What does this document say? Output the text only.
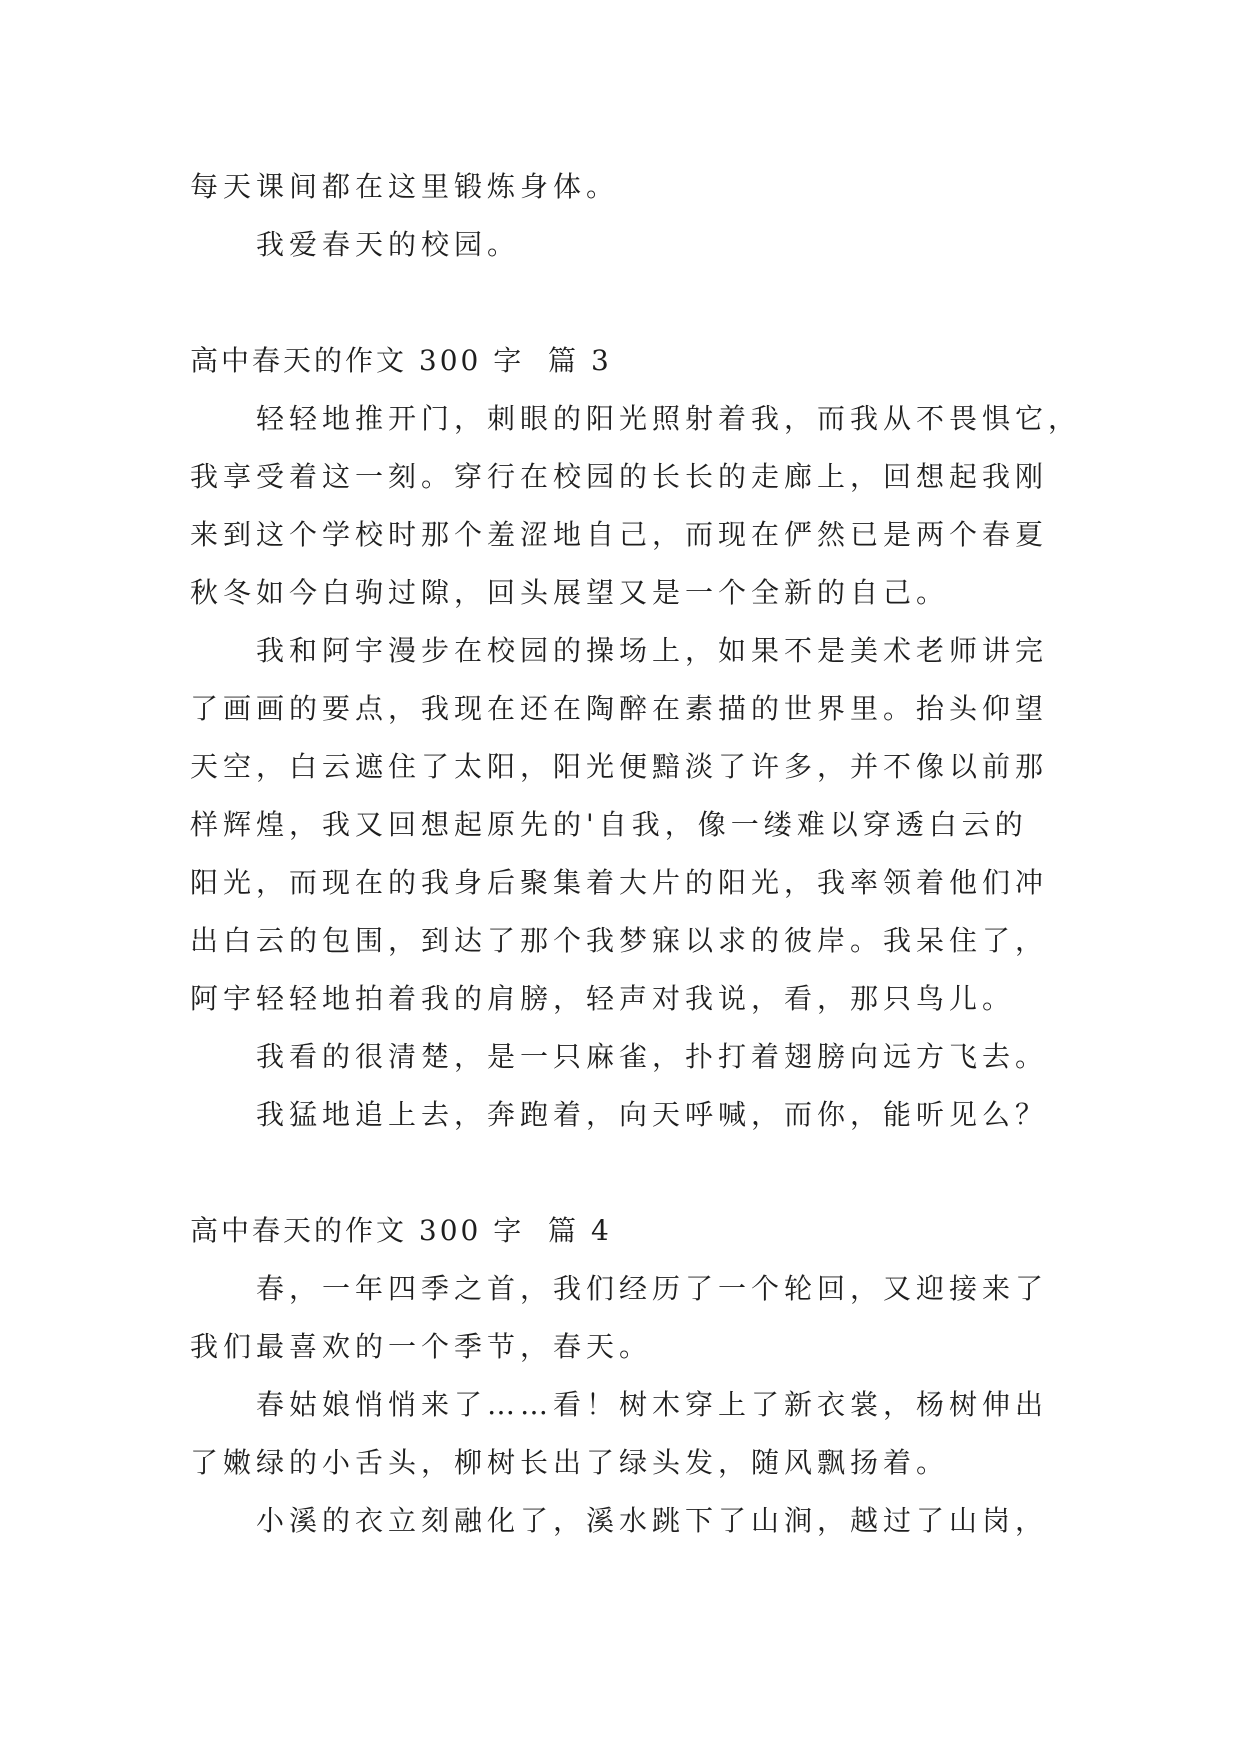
每天课间都在这里锻炼身体。
我爱春天的校园。
高中春天的作文 300 字  篇 3
轻轻地推开门，刺眼的阳光照射着我，而我从不畏惧它，
我享受着这一刻。穿行在校园的长长的走廊上，回想起我刚
来到这个学校时那个羞涩地自己，而现在俨然已是两个春夏
秋冬如今白驹过隙，回头展望又是一个全新的自己。
我和阿宇漫步在校园的操场上，如果不是美术老师讲完
了画画的要点，我现在还在陶醉在素描的世界里。抬头仰望
天空，白云遮住了太阳，阳光便黯淡了许多，并不像以前那
样辉煌，我又回想起原先的'自我，像一缕难以穿透白云的
阳光，而现在的我身后聚集着大片的阳光，我率领着他们冲
出白云的包围，到达了那个我梦寐以求的彼岸。我呆住了，
阿宇轻轻地拍着我的肩膀，轻声对我说，看，那只鸟儿。
我看的很清楚，是一只麻雀，扑打着翅膀向远方飞去。
我猛地追上去，奔跑着，向天呼喊，而你，能听见么？
高中春天的作文 300 字  篇 4
春，一年四季之首，我们经历了一个轮回，又迎接来了
我们最喜欢的一个季节，春天。
春姑娘悄悄来了……看！树木穿上了新衣裳，杨树伸出
了嫩绿的小舌头，柳树长出了绿头发，随风飘扬着。
小溪的衣立刻融化了，溪水跳下了山涧，越过了山岗，
